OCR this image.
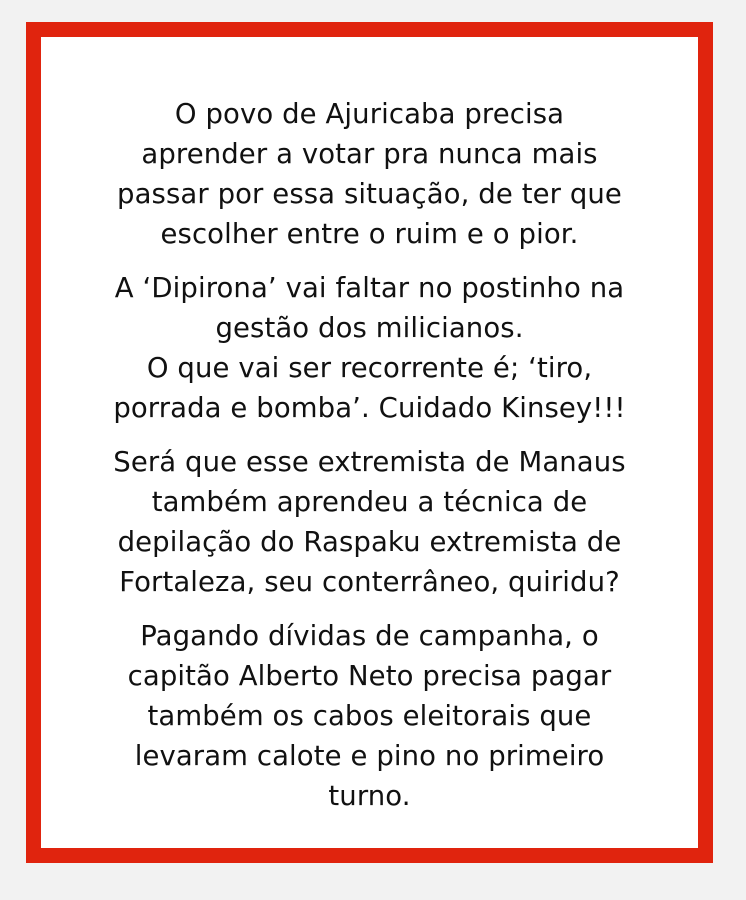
O povo de Ajuricaba precisa
aprender a votar pra nunca mais
passar por essa situação, de ter que
escolher entre o ruim e o pior.

A ‘Dipirona’ vai faltar no postinho na
gestão dos milicianos.
O que vai ser recorrente é; ‘tiro,
porrada e bomba’. Cuidado Kinsey!!!

Será que esse extremista de Manaus
também aprendeu a técnica de
depilação do Raspaku extremista de
Fortaleza, seu conterrâneo, quiridu?

Pagando dívidas de campanha, o
capitão Alberto Neto precisa pagar
também os cabos eleitorais que
levaram calote e pino no primeiro
turno.
